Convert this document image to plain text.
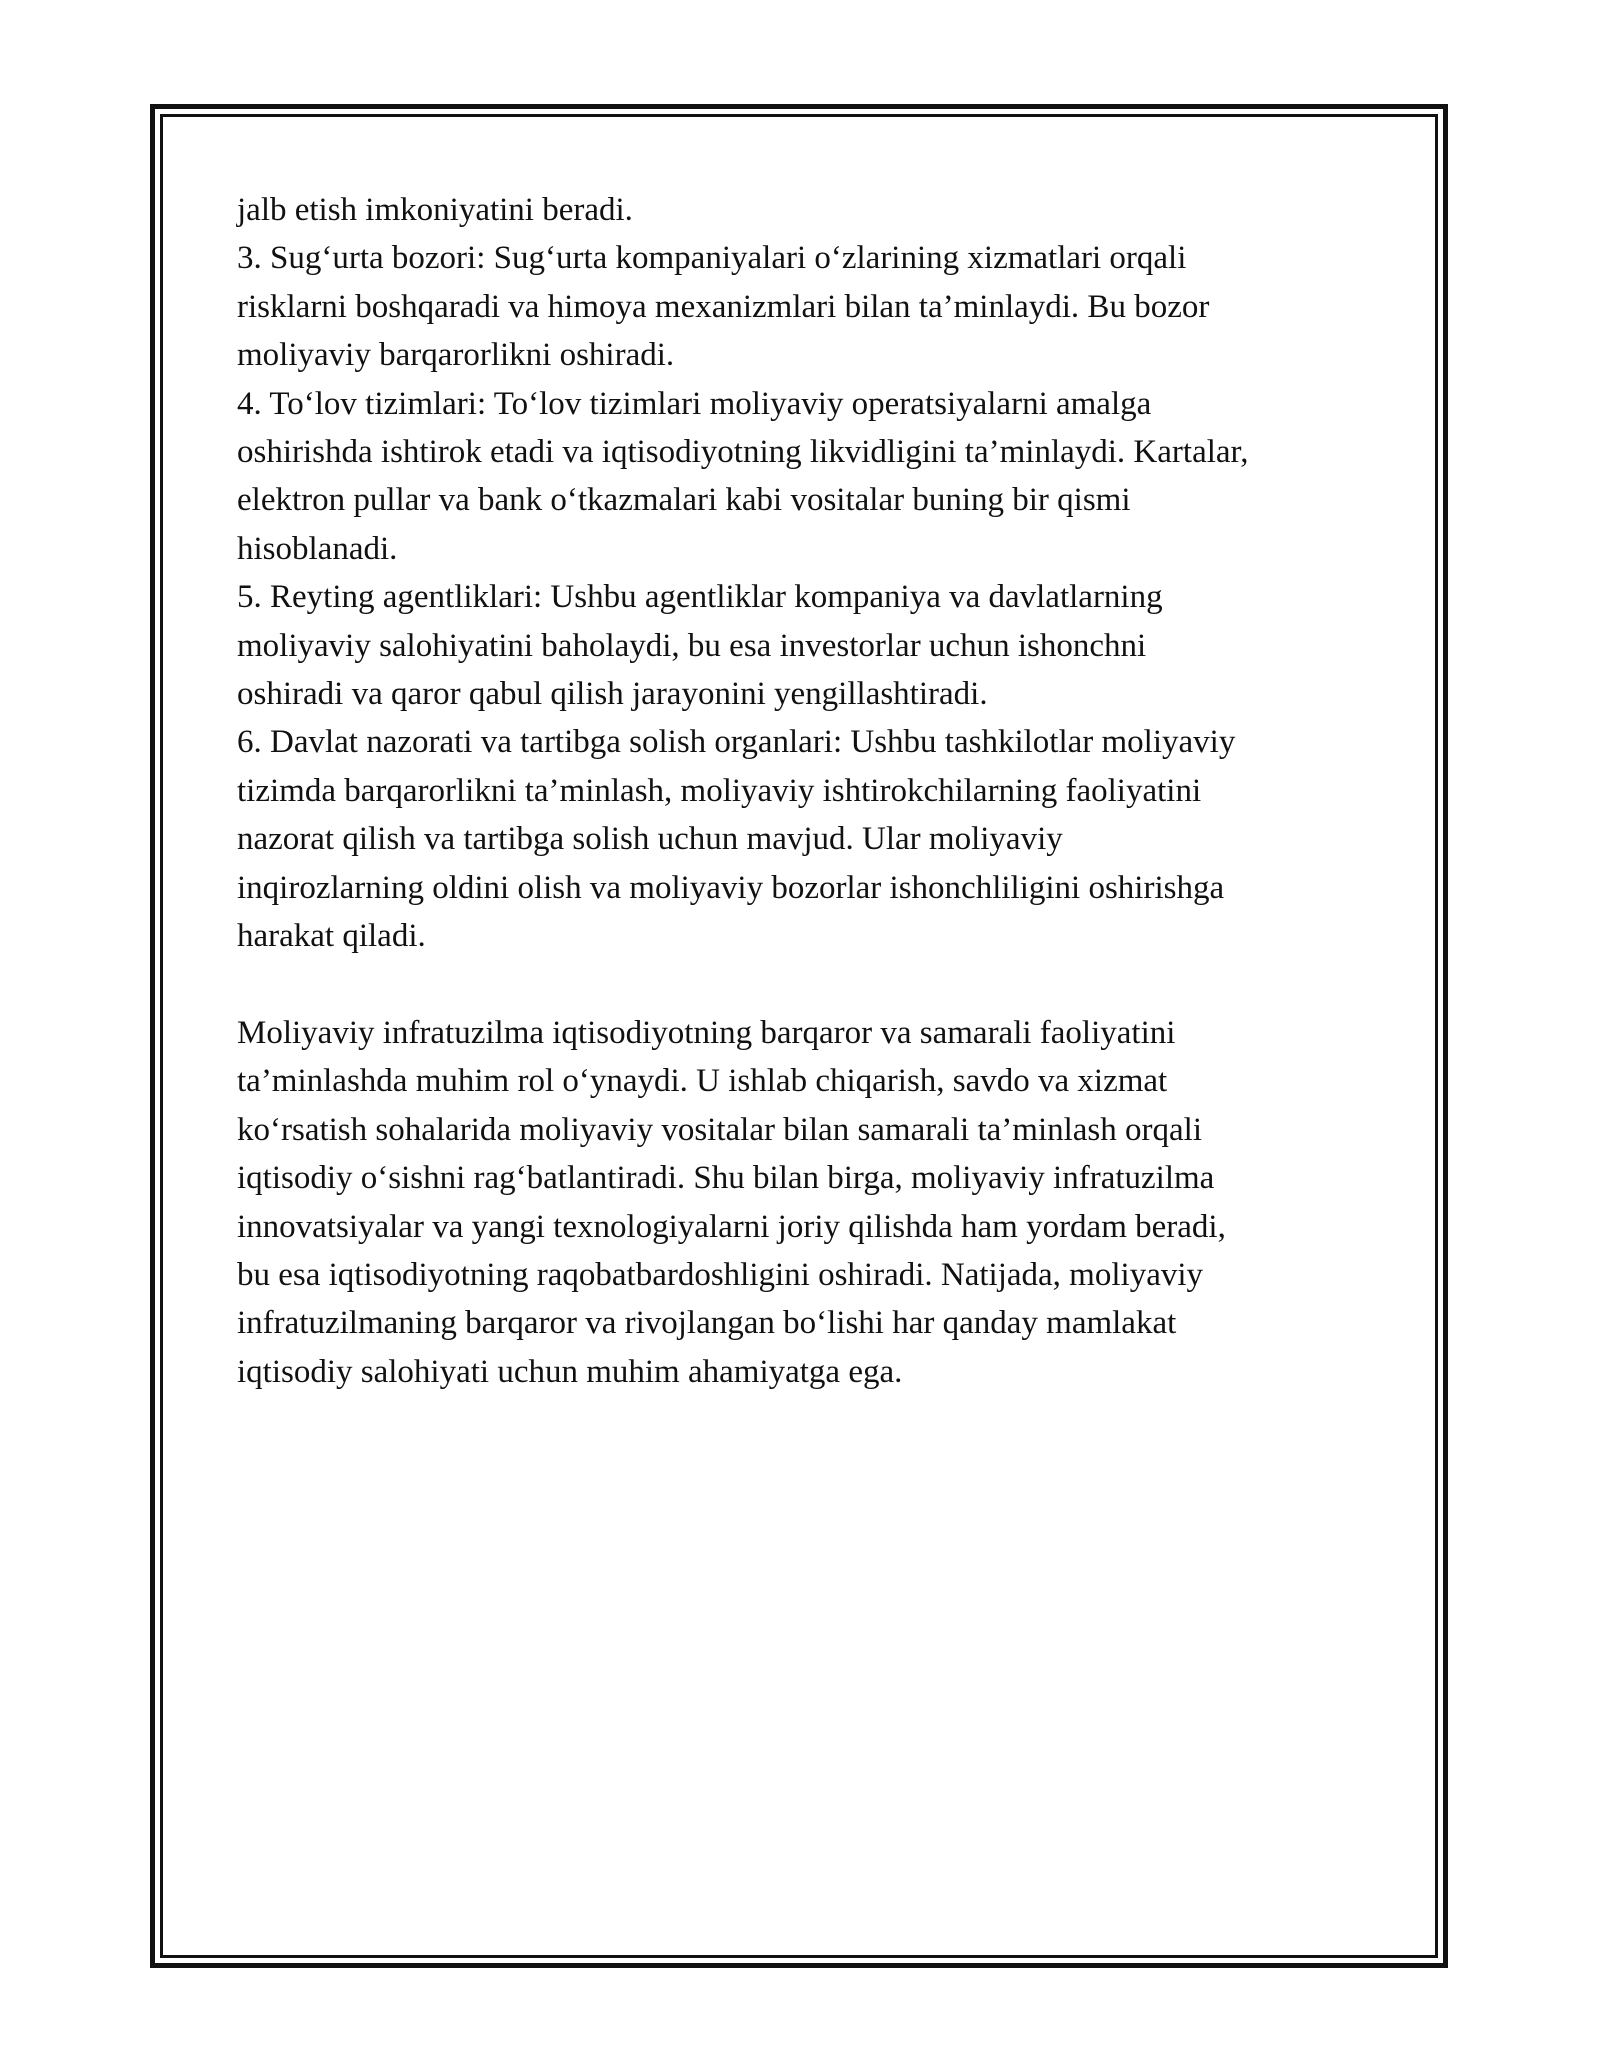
jalb etish imkoniyatini beradi.

3. Sug‘urta bozori: Sug‘urta kompaniyalari o‘zlarining xizmatlari orqali
risklarni boshqaradi va himoya mexanizmlari bilan ta’minlaydi. Bu bozor
moliyaviy barqarorlikni oshiradi.

4. To‘lov tizimlari: To‘lov tizimlari moliyaviy operatsiyalarni amalga
oshirishda ishtirok etadi va iqtisodiyotning likvidligini ta’minlaydi. Kartalar,
elektron pullar va bank o‘tkazmalari kabi vositalar buning bir qismi
hisoblanadi.

5. Reyting agentliklari: Ushbu agentliklar kompaniya va davlatlarning
moliyaviy salohiyatini baholaydi, bu esa investorlar uchun ishonchni
oshiradi va qaror qabul qilish jarayonini yengillashtiradi.

6. Davlat nazorati va tartibga solish organlari: Ushbu tashkilotlar moliyaviy
tizimda barqarorlikni ta’minlash, moliyaviy ishtirokchilarning faoliyatini
nazorat qilish va tartibga solish uchun mavjud. Ular moliyaviy
inqirozlarning oldini olish va moliyaviy bozorlar ishonchliligini oshirishga
harakat qiladi.

Moliyaviy infratuzilma iqtisodiyotning barqaror va samarali faoliyatini
ta’minlashda muhim rol o‘ynaydi. U ishlab chiqarish, savdo va xizmat
ko‘rsatish sohalarida moliyaviy vositalar bilan samarali ta’minlash orqali
iqtisodiy o‘sishni rag‘batlantiradi. Shu bilan birga, moliyaviy infratuzilma
innovatsiyalar va yangi texnologiyalarni joriy qilishda ham yordam beradi,
bu esa iqtisodiyotning raqobatbardoshligini oshiradi. Natijada, moliyaviy
infratuzilmaning barqaror va rivojlangan bo‘lishi har qanday mamlakat
iqtisodiy salohiyati uchun muhim ahamiyatga ega.
